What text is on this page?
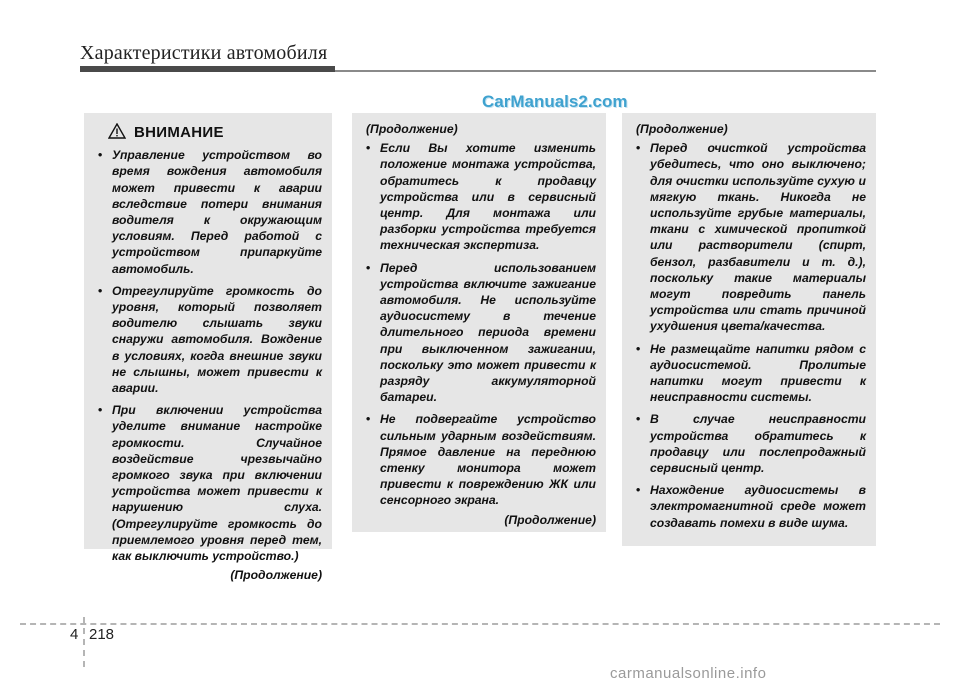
Характеристики автомобиля
CarManuals2.com
ВНИМАНИЕ
• Управление устройством во время вождения автомобиля может привести к аварии вследствие потери внимания водителя к окружающим условиям. Перед работой с устройством припаркуйте автомобиль.
• Отрегулируйте громкость до уровня, который позволяет водителю слышать звуки снаружи автомобиля. Вождение в условиях, когда внешние звуки не слышны, может привести к аварии.
• При включении устройства уделите внимание настройке громкости. Случайное воздействие чрезвычайно громкого звука при включении устройства может привести к нарушению слуха. (Отрегулируйте громкость до приемлемого уровня перед тем, как выключить устройство.)
(Продолжение)
(Продолжение)
• Если Вы хотите изменить положение монтажа устройства, обратитесь к продавцу устройства или в сервисный центр. Для монтажа или разборки устройства требуется техническая экспертиза.
• Перед использованием устройства включите зажигание автомобиля. Не используйте аудиосистему в течение длительного периода времени при выключенном зажигании, поскольку это может привести к разряду аккумуляторной батареи.
• Не подвергайте устройство сильным ударным воздействиям. Прямое давление на переднюю стенку монитора может привести к повреждению ЖК или сенсорного экрана.
(Продолжение)
(Продолжение)
• Перед очисткой устройства убедитесь, что оно выключено; для очистки используйте сухую и мягкую ткань. Никогда не используйте грубые материалы, ткани с химической пропиткой или растворители (спирт, бензол, разбавители и т. д.), поскольку такие материалы могут повредить панель устройства или стать причиной ухудшения цвета/качества.
• Не размещайте напитки рядом с аудиосистемой. Пролитые напитки могут привести к неисправности системы.
• В случае неисправности устройства обратитесь к продавцу или послепродажный сервисный центр.
• Нахождение аудиосистемы в электромагнитной среде может создавать помехи в виде шума.
4 218
carmanualsonline.info
